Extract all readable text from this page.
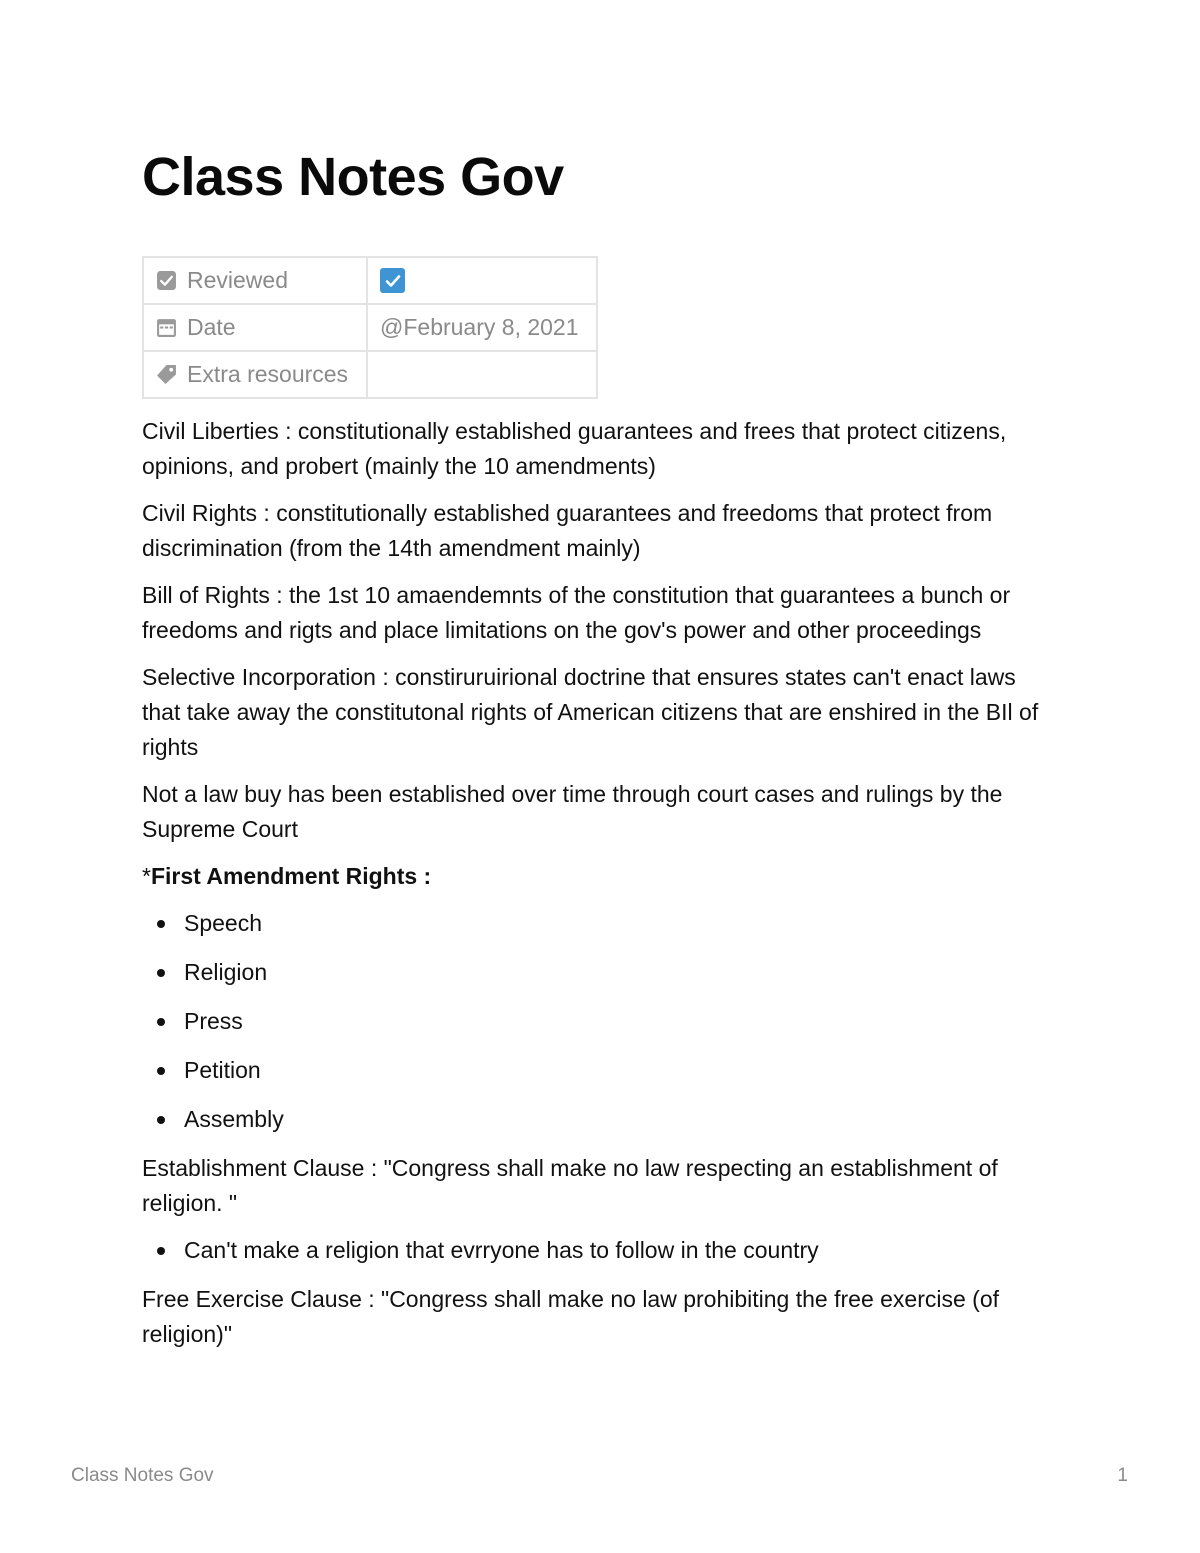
Class Notes Gov
Reviewed

Date	@February 8, 2021

Extra resources	

Civil Liberties : constitutionally established guarantees and frees that protect citizens, opinions, and probert (mainly the 10 amendments)

Civil Rights : constitutionally established guarantees and freedoms that protect from discrimination (from the 14th amendment mainly)

Bill of Rights : the 1st 10 amaendemnts of the constitution that guarantees a bunch or freedoms and rigts and place limitations on the gov's power and other proceedings

Selective Incorporation : constiruruirional doctrine that ensures states can't enact laws that take away the constitutonal rights of American citizens that are enshired in the BIl of rights

Not a law buy has been established over time through court cases and rulings by the Supreme Court

*First Amendment Rights :

Speech
Religion
Press
Petition
Assembly

Establishment Clause : "Congress shall make no law respecting an establishment of religion. "

Can't make a religion that evrryone has to follow in the country

Free Exercise Clause : "Congress shall make no law prohibiting the free exercise (of religion)"

Class Notes Gov	1
